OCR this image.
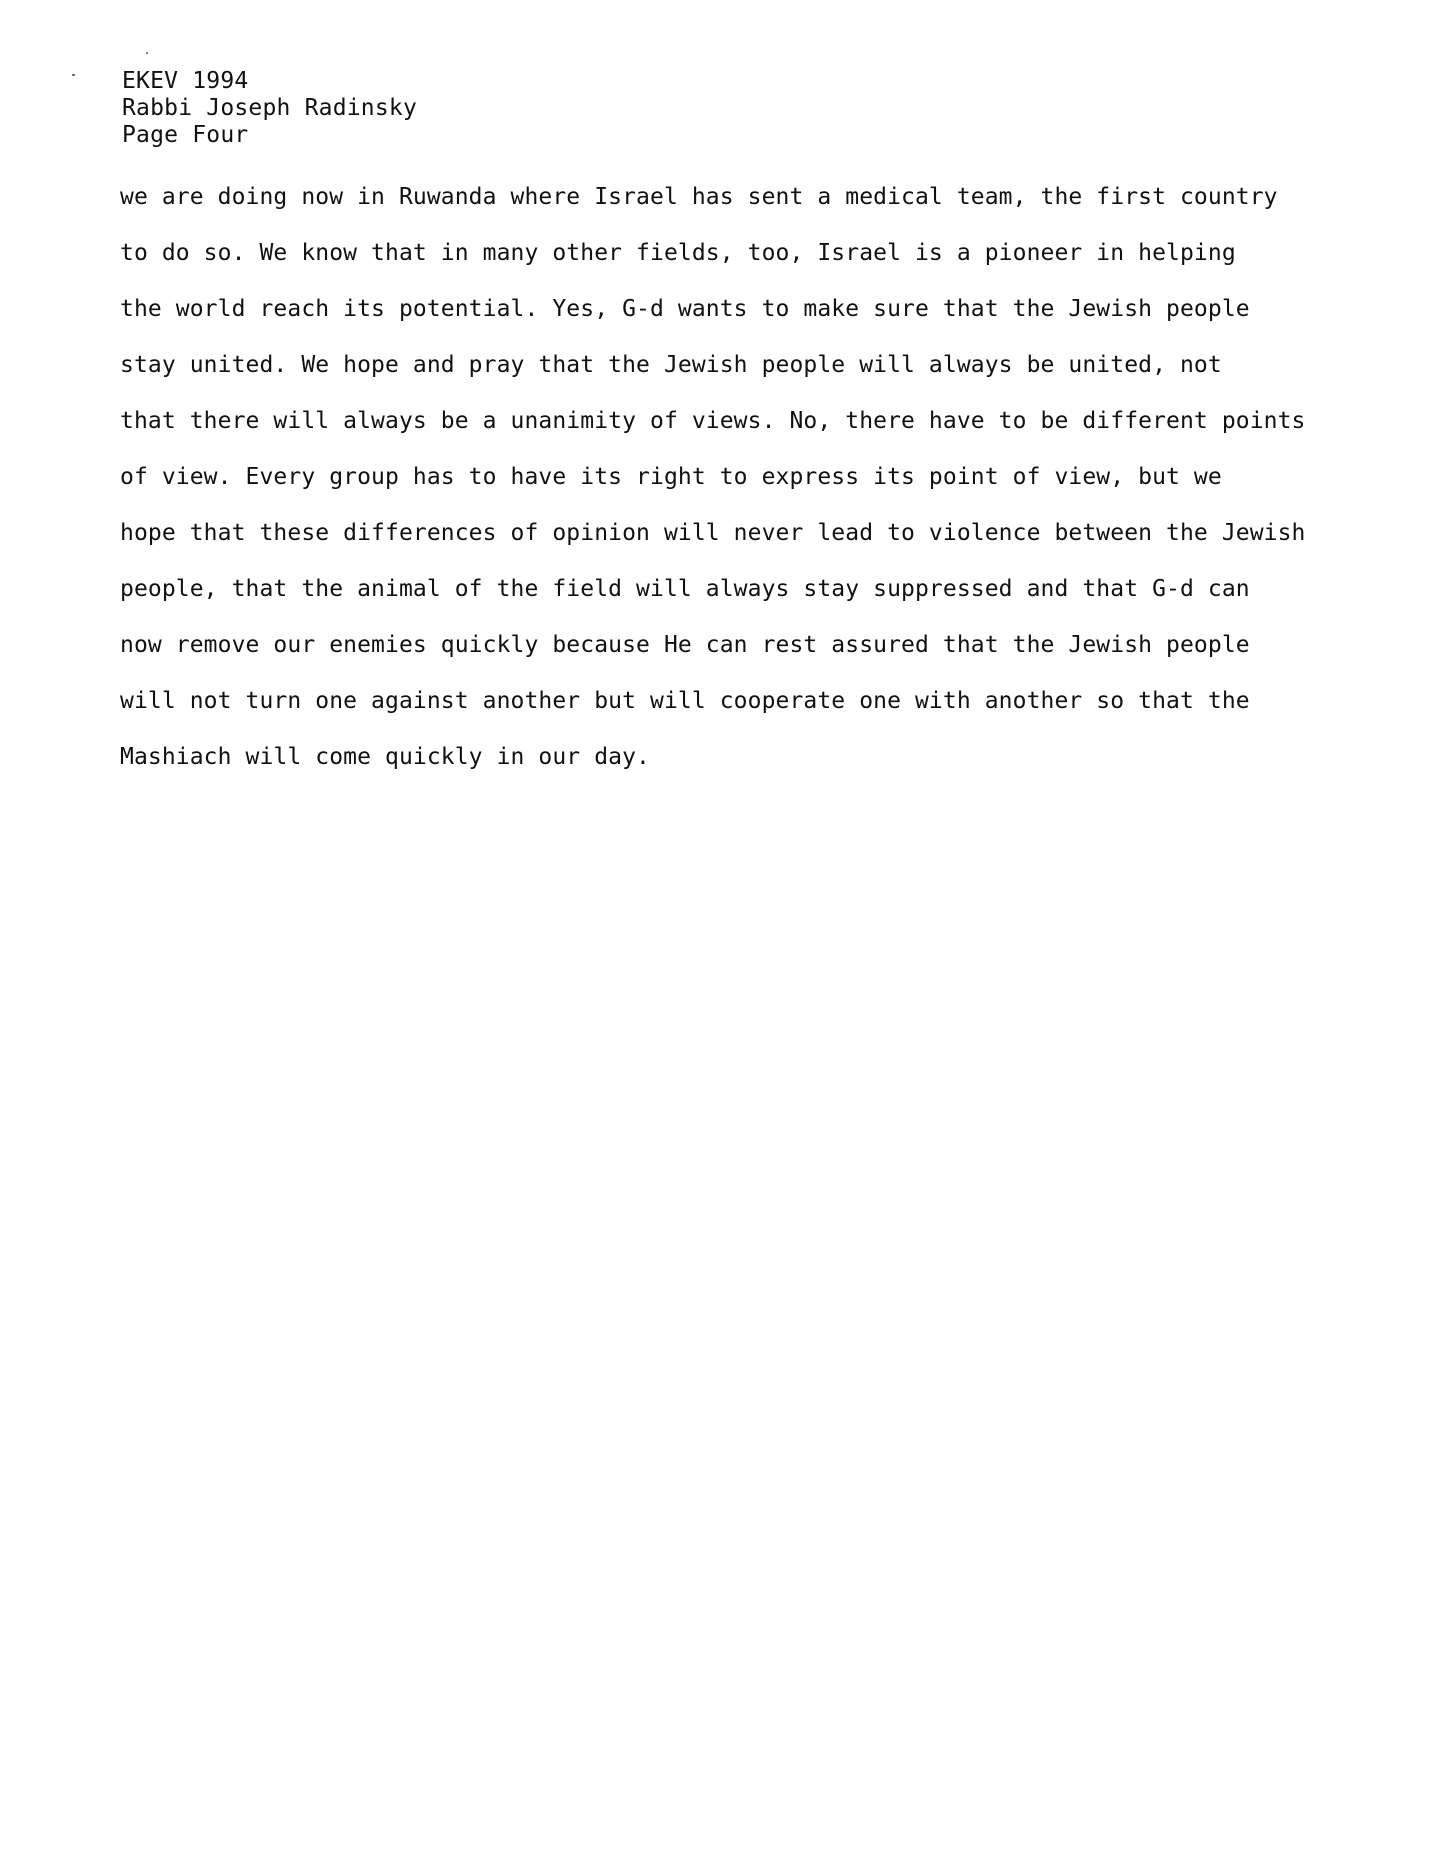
EKEV 1994
Rabbi Joseph Radinsky
Page Four
we are doing now in Ruwanda where Israel has sent a medical team, the first country
to do so. We know that in many other fields, too, Israel is a pioneer in helping
the world reach its potential. Yes, G-d wants to make sure that the Jewish people
stay united. We hope and pray that the Jewish people will always be united, not
that there will always be a unanimity of views. No, there have to be different points
of view. Every group has to have its right to express its point of view, but we
hope that these differences of opinion will never lead to violence between the Jewish
people, that the animal of the field will always stay suppressed and that G-d can
now remove our enemies quickly because He can rest assured that the Jewish people
will not turn one against another but will cooperate one with another so that the
Mashiach will come quickly in our day.
